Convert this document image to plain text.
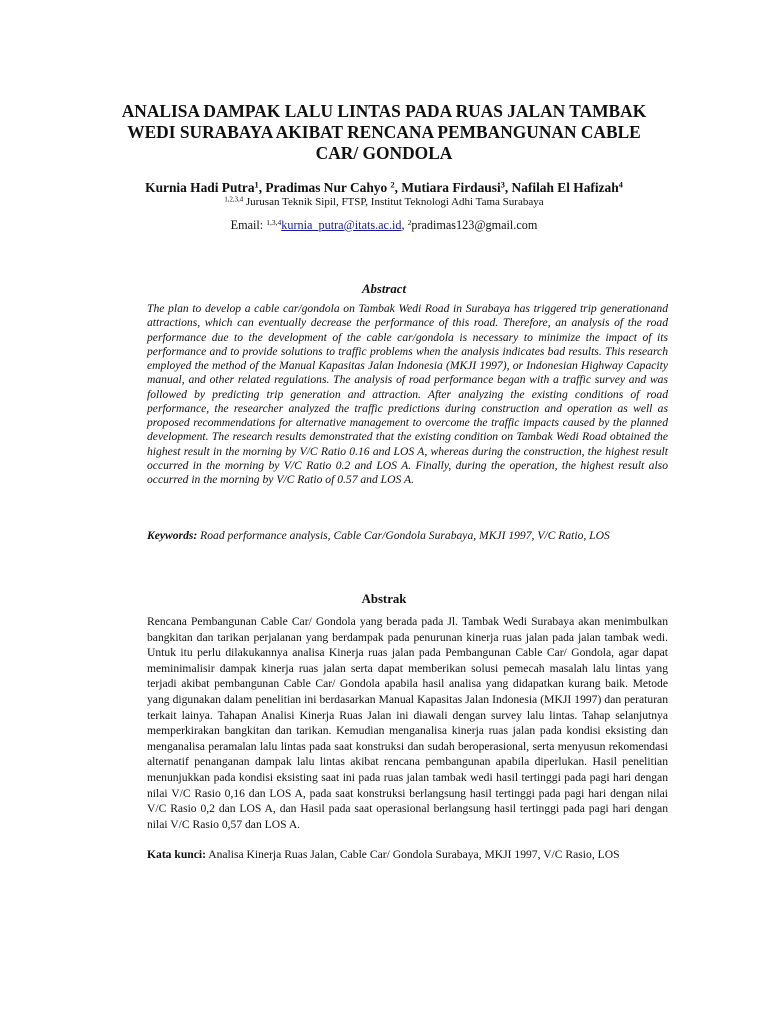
ANALISA DAMPAK LALU LINTAS PADA RUAS JALAN TAMBAK
WEDI SURABAYA AKIBAT RENCANA PEMBANGUNAN CABLE
CAR/ GONDOLA
Kurnia Hadi Putra$^1$, Pradimas Nur Cahyo $^2$, Mutiara Firdausi$^3$, Nafilah El Hafizah$^4$
$^{1,2,3,4}$ Jurusan Teknik Sipil, FTSP, Institut Teknologi Adhi Tama Surabaya
Email: $^{1,3,4}$kurnia_putra@itats.ac.id, $^2$pradimas123@gmail.com
Abstract

The plan to develop a cable car/gondola on Tambak Wedi Road in Surabaya has triggered trip generationand attractions, which can eventually decrease the performance of this road. Therefore, an analysis of the road performance due to the development of the cable car/gondola is necessary to minimize the impact of its performance and to provide solutions to traffic problems when the analysis indicates bad results. This research employed the method of the Manual Kapasitas Jalan Indonesia (MKJI 1997), or Indonesian Highway Capacity manual, and other related regulations. The analysis of road performance began with a traffic survey and was followed by predicting trip generation and attraction. After analyzing the existing conditions of road performance, the researcher analyzed the traffic predictions during construction and operation as well as proposed recommendations for alternative management to overcome the traffic impacts caused by the planned development. The research results demonstrated that the existing condition on Tambak Wedi Road obtained the highest result in the morning by V/C Ratio 0.16 and LOS A, whereas during the construction, the highest result occurred in the morning by V/C Ratio 0.2 and LOS A. Finally, during the operation, the highest result also occurred in the morning by V/C Ratio of 0.57 and LOS A.

Keywords: Road performance analysis, Cable Car/Gondola Surabaya, MKJI 1997, V/C Ratio, LOS

Abstrak

Rencana Pembangunan Cable Car/ Gondola yang berada pada Jl. Tambak Wedi Surabaya akan menimbulkan bangkitan dan tarikan perjalanan yang berdampak pada penurunan kinerja ruas jalan pada jalan tambak wedi. Untuk itu perlu dilakukannya analisa Kinerja ruas jalan pada Pembangunan Cable Car/ Gondola, agar dapat meminimalisir dampak kinerja ruas jalan serta dapat memberikan solusi pemecah masalah lalu lintas yang terjadi akibat pembangunan Cable Car/ Gondola apabila hasil analisa yang didapatkan kurang baik. Metode yang digunakan dalam penelitian ini berdasarkan Manual Kapasitas Jalan Indonesia (MKJI 1997) dan peraturan terkait lainya. Tahapan Analisi Kinerja Ruas Jalan ini diawali dengan survey lalu lintas. Tahap selanjutnya memperkirakan bangkitan dan tarikan. Kemudian menganalisa kinerja ruas jalan pada kondisi eksisting dan menganalisa peramalan lalu lintas pada saat konstruksi dan sudah beroperasional, serta menyusun rekomendasi alternatif penanganan dampak lalu lintas akibat rencana pembangunan apabila diperlukan. Hasil penelitian menunjukkan pada kondisi eksisting saat ini pada ruas jalan tambak wedi hasil tertinggi pada pagi hari dengan nilai V/C Rasio 0,16 dan LOS A, pada saat konstruksi berlangsung hasil tertinggi pada pagi hari dengan nilai V/C Rasio 0,2 dan LOS A, dan Hasil pada saat operasional berlangsung hasil tertinggi pada pagi hari dengan nilai V/C Rasio 0,57 dan LOS A.

Kata kunci: Analisa Kinerja Ruas Jalan, Cable Car/ Gondola Surabaya, MKJI 1997, V/C Rasio, LOS
